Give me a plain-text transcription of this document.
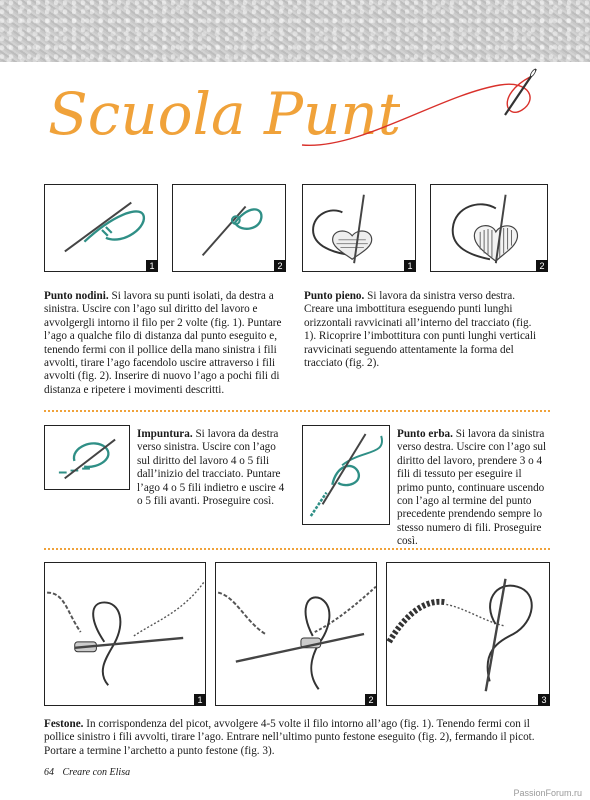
Scuola Punti
1	2	1	2
Punto nodini. Si lavora su punti isolati, da destra a sinistra. Uscire con l’ago sul diritto del lavoro e avvolgergli intorno il filo per 2 volte (fig. 1). Puntare l’ago a qualche filo di distanza dal punto eseguito e, tenendo fermi con il pollice della mano sinistra i fili avvolti, tirare l’ago facendolo uscire attraverso i fili avvolti (fig. 2). Inserire di nuovo l’ago a pochi fili di distanza e ripetere i movimenti descritti.
Punto pieno. Si lavora da sinistra verso destra. Creare una imbottitura eseguendo punti lunghi orizzontali ravvicinati all’interno del tracciato (fig. 1). Ricoprire l’imbottitura con punti lunghi verticali ravvicinati seguendo attentamente la forma del tracciato (fig. 2).
Impuntura. Si lavora da destra verso sinistra. Uscire con l’ago sul diritto del lavoro 4 o 5 fili dall’inizio del tracciato. Puntare l’ago 4 o 5 fili indietro e uscire 4 o 5 fili avanti. Proseguire così.
Punto erba. Si lavora da sinistra verso destra. Uscire con l’ago sul diritto del lavoro, prendere 3 o 4 fili di tessuto per eseguire il primo punto, continuare uscendo con l’ago al termine del punto precedente prendendo sempre lo stesso numero di fili. Proseguire così.
1	2	3
Festone. In corrispondenza del picot, avvolgere 4-5 volte il filo intorno all’ago (fig. 1). Tenendo fermi con il pollice sinistro i fili avvolti, tirare l’ago. Entrare nell’ultimo punto festone eseguito (fig. 2), fermando il picot. Portare a termine l’archetto a punto festone (fig. 3).
64 Creare con Elisa
PassionForum.ru
